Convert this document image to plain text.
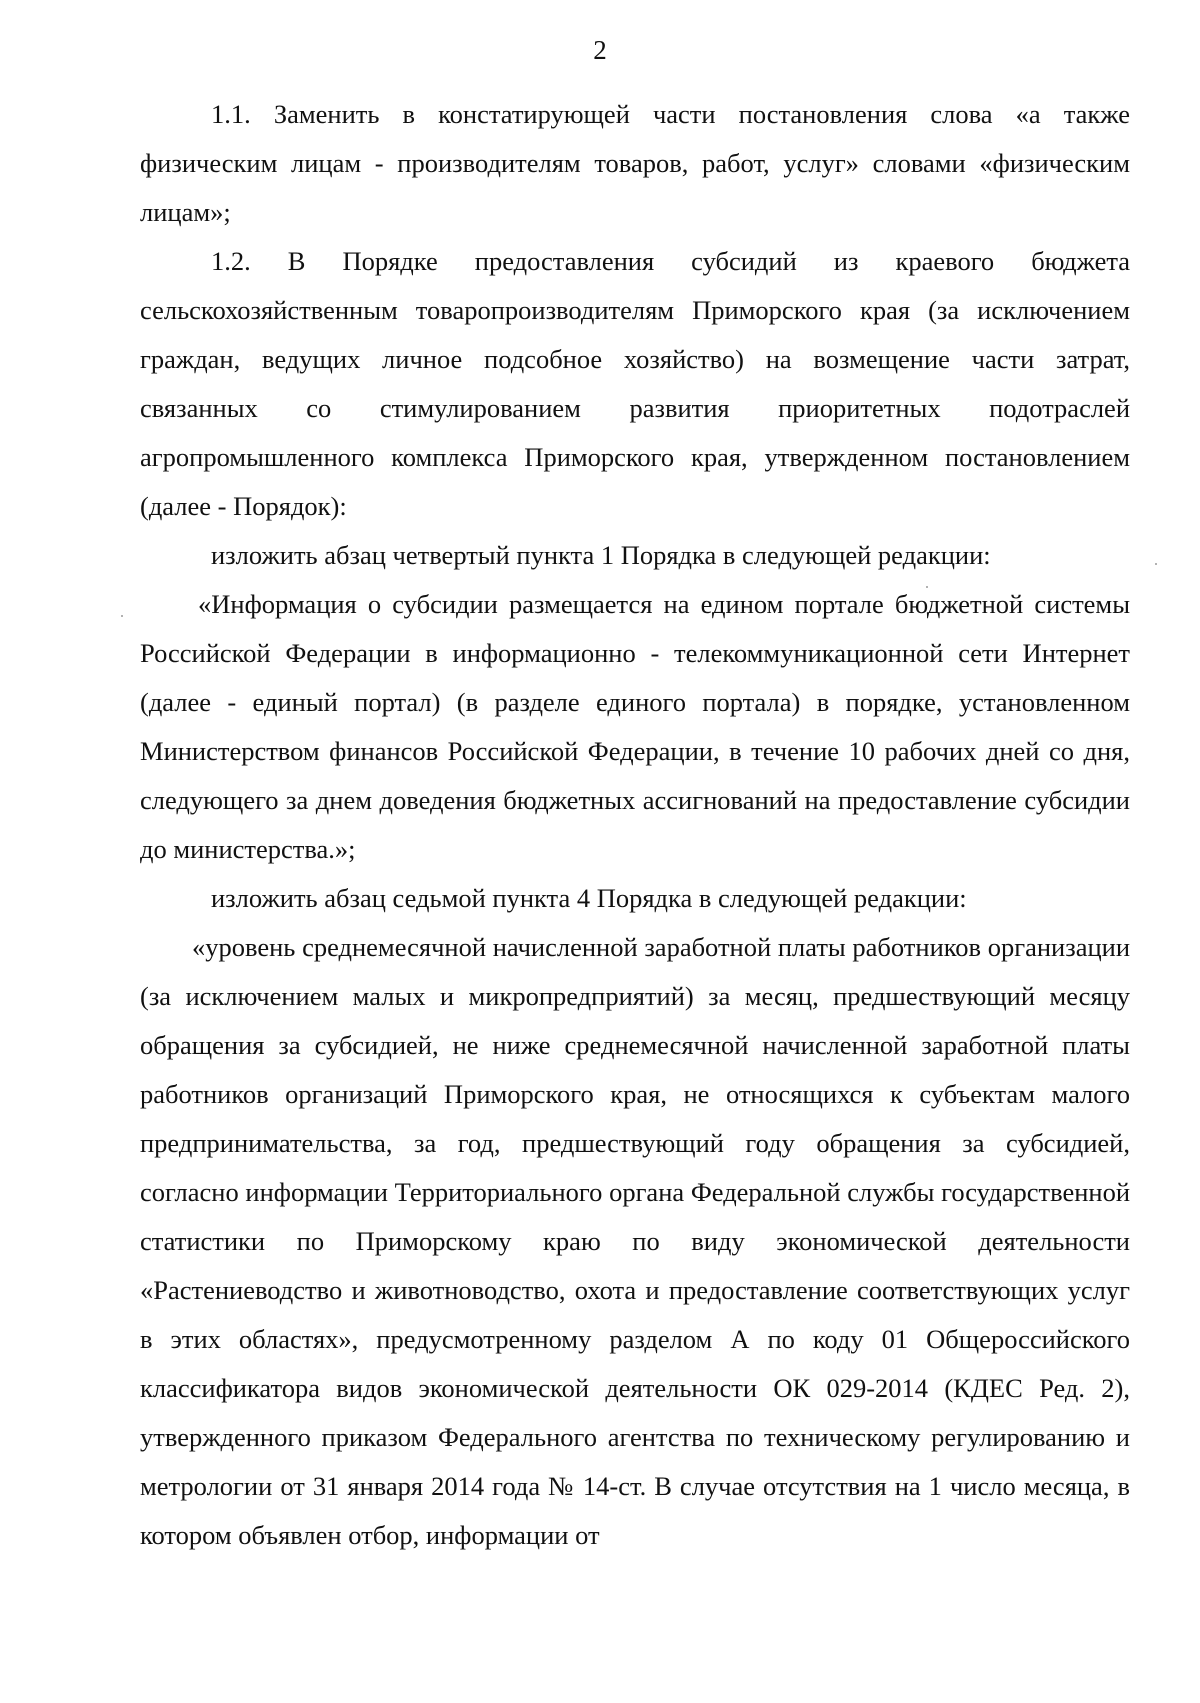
2

1.1. Заменить в констатирующей части постановления слова «а также физическим лицам - производителям товаров, работ, услуг» словами «физическим лицам»;

1.2. В Порядке предоставления субсидий из краевого бюджета сельскохозяйственным товаропроизводителям Приморского края (за исключением граждан, ведущих личное подсобное хозяйство) на возмещение части затрат, связанных со стимулированием развития приоритетных подотраслей агропромышленного комплекса Приморского края, утвержденном постановлением (далее - Порядок):

изложить абзац четвертый пункта 1 Порядка в следующей редакции:

«Информация о субсидии размещается на едином портале бюджетной системы Российской Федерации в информационно - телекоммуникационной сети Интернет (далее - единый портал) (в разделе единого портала) в порядке, установленном Министерством финансов Российской Федерации, в течение 10 рабочих дней со дня, следующего за днем доведения бюджетных ассигнований на предоставление субсидии до министерства.»;

изложить абзац седьмой пункта 4 Порядка в следующей редакции:

«уровень среднемесячной начисленной заработной платы работников организации (за исключением малых и микропредприятий) за месяц, предшествующий месяцу обращения за субсидией, не ниже среднемесячной начисленной заработной платы работников организаций Приморского края, не относящихся к субъектам малого предпринимательства, за год, предшествующий году обращения за субсидией, согласно информации Территориального органа Федеральной службы государственной статистики по Приморскому краю по виду экономической деятельности «Растениеводство и животноводство, охота и предоставление соответствующих услуг в этих областях», предусмотренному разделом А по коду 01 Общероссийского классификатора видов экономической деятельности ОК 029-2014 (КДЕС Ред. 2), утвержденного приказом Федерального агентства по техническому регулированию и метрологии от 31 января 2014 года № 14-ст. В случае отсутствия на 1 число месяца, в котором объявлен отбор, информации от
